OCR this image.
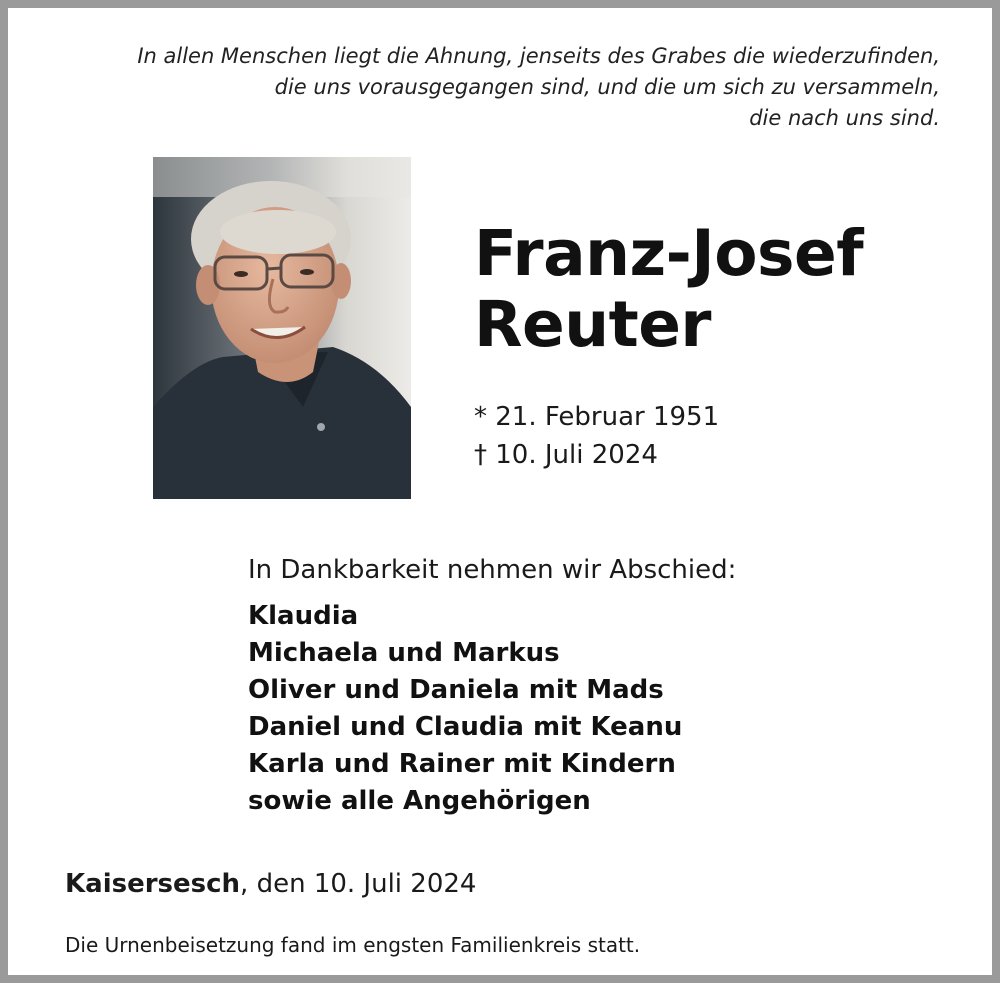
In allen Menschen liegt die Ahnung, jenseits des Grabes die wiederzufinden,
die uns vorausgegangen sind, und die um sich zu versammeln,
die nach uns sind.
Franz-Josef
Reuter
* 21. Februar 1951
† 10. Juli 2024
In Dankbarkeit nehmen wir Abschied:
Klaudia
Michaela und Markus
Oliver und Daniela mit Mads
Daniel und Claudia mit Keanu
Karla und Rainer mit Kindern
sowie alle Angehörigen
Kaisersesch, den 10. Juli 2024
Die Urnenbeisetzung fand im engsten Familienkreis statt.
